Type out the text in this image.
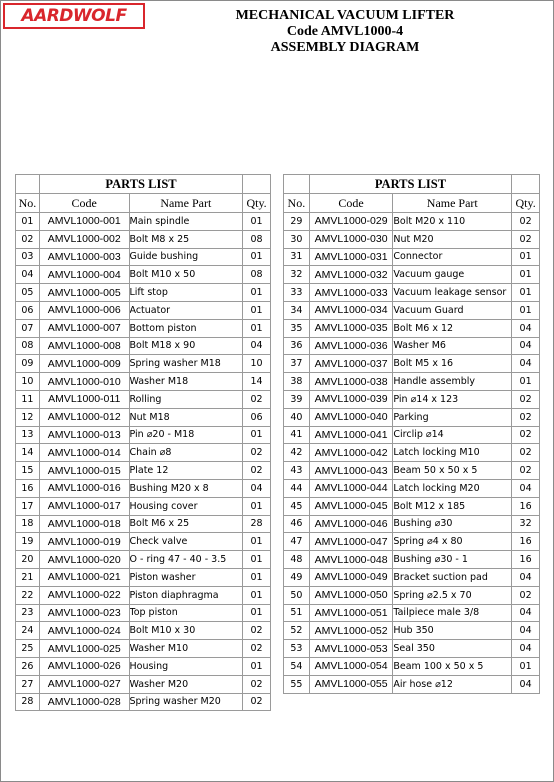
AARDWOLF	MECHANICAL VACUUM LIFTER
Code AMVL1000-4
ASSEMBLY DIAGRAM
	PARTS LIST		
No.	Code	Name Part	Qty.
01	AMVL1000-001	Main spindle	01
02	AMVL1000-002	Bolt M8 x 25	08
03	AMVL1000-003	Guide bushing	01
04	AMVL1000-004	Bolt M10 x 50	08
05	AMVL1000-005	Lift stop	01
06	AMVL1000-006	Actuator	01
07	AMVL1000-007	Bottom piston	01
08	AMVL1000-008	Bolt M18 x 90	04
09	AMVL1000-009	Spring washer M18	10
10	AMVL1000-010	Washer M18	14
11	AMVL1000-011	Rolling	02
12	AMVL1000-012	Nut M18	06
13	AMVL1000-013	Pin ⌀20 - M18	01
14	AMVL1000-014	Chain ⌀8	02
15	AMVL1000-015	Plate 12	02
16	AMVL1000-016	Bushing M20 x 8	04
17	AMVL1000-017	Housing cover	01
18	AMVL1000-018	Bolt M6 x 25	28
19	AMVL1000-019	Check valve	01
20	AMVL1000-020	O - ring 47 - 40 - 3.5	01
21	AMVL1000-021	Piston washer	01
22	AMVL1000-022	Piston diaphragma	01
23	AMVL1000-023	Top piston	01
24	AMVL1000-024	Bolt M10 x 30	02
25	AMVL1000-025	Washer M10	02
26	AMVL1000-026	Housing	01
27	AMVL1000-027	Washer M20	02
28	AMVL1000-028	Spring washer M20	02
	PARTS LIST		
No.	Code	Name Part	Qty.
29	AMVL1000-029	Bolt M20 x 110	02
30	AMVL1000-030	Nut M20	02
31	AMVL1000-031	Connector	01
32	AMVL1000-032	Vacuum gauge	01
33	AMVL1000-033	Vacuum leakage sensor	01
34	AMVL1000-034	Vacuum Guard	01
35	AMVL1000-035	Bolt M6 x 12	04
36	AMVL1000-036	Washer M6	04
37	AMVL1000-037	Bolt M5 x 16	04
38	AMVL1000-038	Handle assembly	01
39	AMVL1000-039	Pin ⌀14 x 123	02
40	AMVL1000-040	Parking	02
41	AMVL1000-041	Circlip ⌀14	02
42	AMVL1000-042	Latch locking M10	02
43	AMVL1000-043	Beam 50 x 50 x 5	02
44	AMVL1000-044	Latch locking M20	04
45	AMVL1000-045	Bolt M12 x 185	16
46	AMVL1000-046	Bushing ⌀30	32
47	AMVL1000-047	Spring ⌀4 x 80	16
48	AMVL1000-048	Bushing ⌀30 - 1	16
49	AMVL1000-049	Bracket suction pad	04
50	AMVL1000-050	Spring ⌀2.5 x 70	02
51	AMVL1000-051	Tailpiece male 3/8	04
52	AMVL1000-052	Hub 350	04
53	AMVL1000-053	Seal 350	04
54	AMVL1000-054	Beam 100 x 50 x 5	01
55	AMVL1000-055	Air hose ⌀12	04
